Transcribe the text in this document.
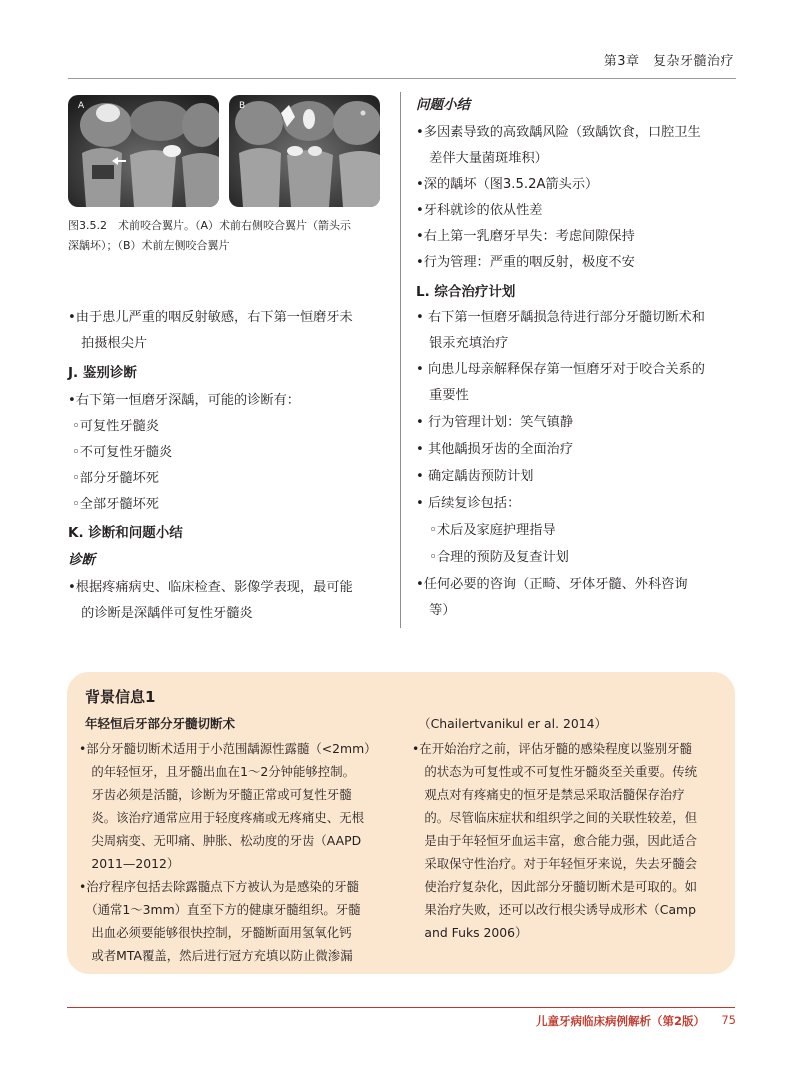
第3章　复杂牙髓治疗
A	B
图3.5.2　术前咬合翼片。（A）术前右侧咬合翼片（箭头示
深龋坏）；（B）术前左侧咬合翼片
•由于患儿严重的咽反射敏感，右下第一恒磨牙未
　拍摄根尖片
J. 鉴别诊断
•右下第一恒磨牙深龋，可能的诊断有：
◦可复性牙髓炎
◦不可复性牙髓炎
◦部分牙髓坏死
◦全部牙髓坏死
K. 诊断和问题小结
诊断
•根据疼痛病史、临床检查、影像学表现，最可能
　的诊断是深龋伴可复性牙髓炎
问题小结
•多因素导致的高致龋风险（致龋饮食，口腔卫生
　差伴大量菌斑堆积）
•深的龋坏（图3.5.2A箭头示）
•牙科就诊的依从性差
•右上第一乳磨牙早失：考虑间隙保持
•行为管理：严重的咽反射，极度不安
L. 综合治疗计划
• 右下第一恒磨牙龋损急待进行部分牙髓切断术和
　银汞充填治疗
• 向患儿母亲解释保存第一恒磨牙对于咬合关系的
　重要性
• 行为管理计划：笑气镇静
• 其他龋损牙齿的全面治疗
• 确定龋齿预防计划
• 后续复诊包括：
　◦术后及家庭护理指导
　◦合理的预防及复查计划
•任何必要的咨询（正畸、牙体牙髓、外科咨询
　等）
背景信息1
年轻恒后牙部分牙髓切断术
•部分牙髓切断术适用于小范围龋源性露髓（<2mm）
　的年轻恒牙，且牙髓出血在1～2分钟能够控制。
　牙齿必须是活髓，诊断为牙髓正常或可复性牙髓
　炎。该治疗通常应用于轻度疼痛或无疼痛史、无根
　尖周病变、无叩痛、肿胀、松动度的牙齿（AAPD
　2011—2012）
•治疗程序包括去除露髓点下方被认为是感染的牙髓
　（通常1～3mm）直至下方的健康牙髓组织。牙髓
　出血必须要能够很快控制，牙髓断面用氢氧化钙
　或者MTA覆盖，然后进行冠方充填以防止微渗漏
　（Chailertvanikul er al. 2014）
•在开始治疗之前，评估牙髓的感染程度以鉴别牙髓
　的状态为可复性或不可复性牙髓炎至关重要。传统
　观点对有疼痛史的恒牙是禁忌采取活髓保存治疗
　的。尽管临床症状和组织学之间的关联性较差，但
　是由于年轻恒牙血运丰富，愈合能力强，因此适合
　采取保守性治疗。对于年轻恒牙来说，失去牙髓会
　使治疗复杂化，因此部分牙髓切断术是可取的。如
　果治疗失败，还可以改行根尖诱导成形术（Camp
　and Fuks 2006）
儿童牙病临床病例解析（第2版） 75
